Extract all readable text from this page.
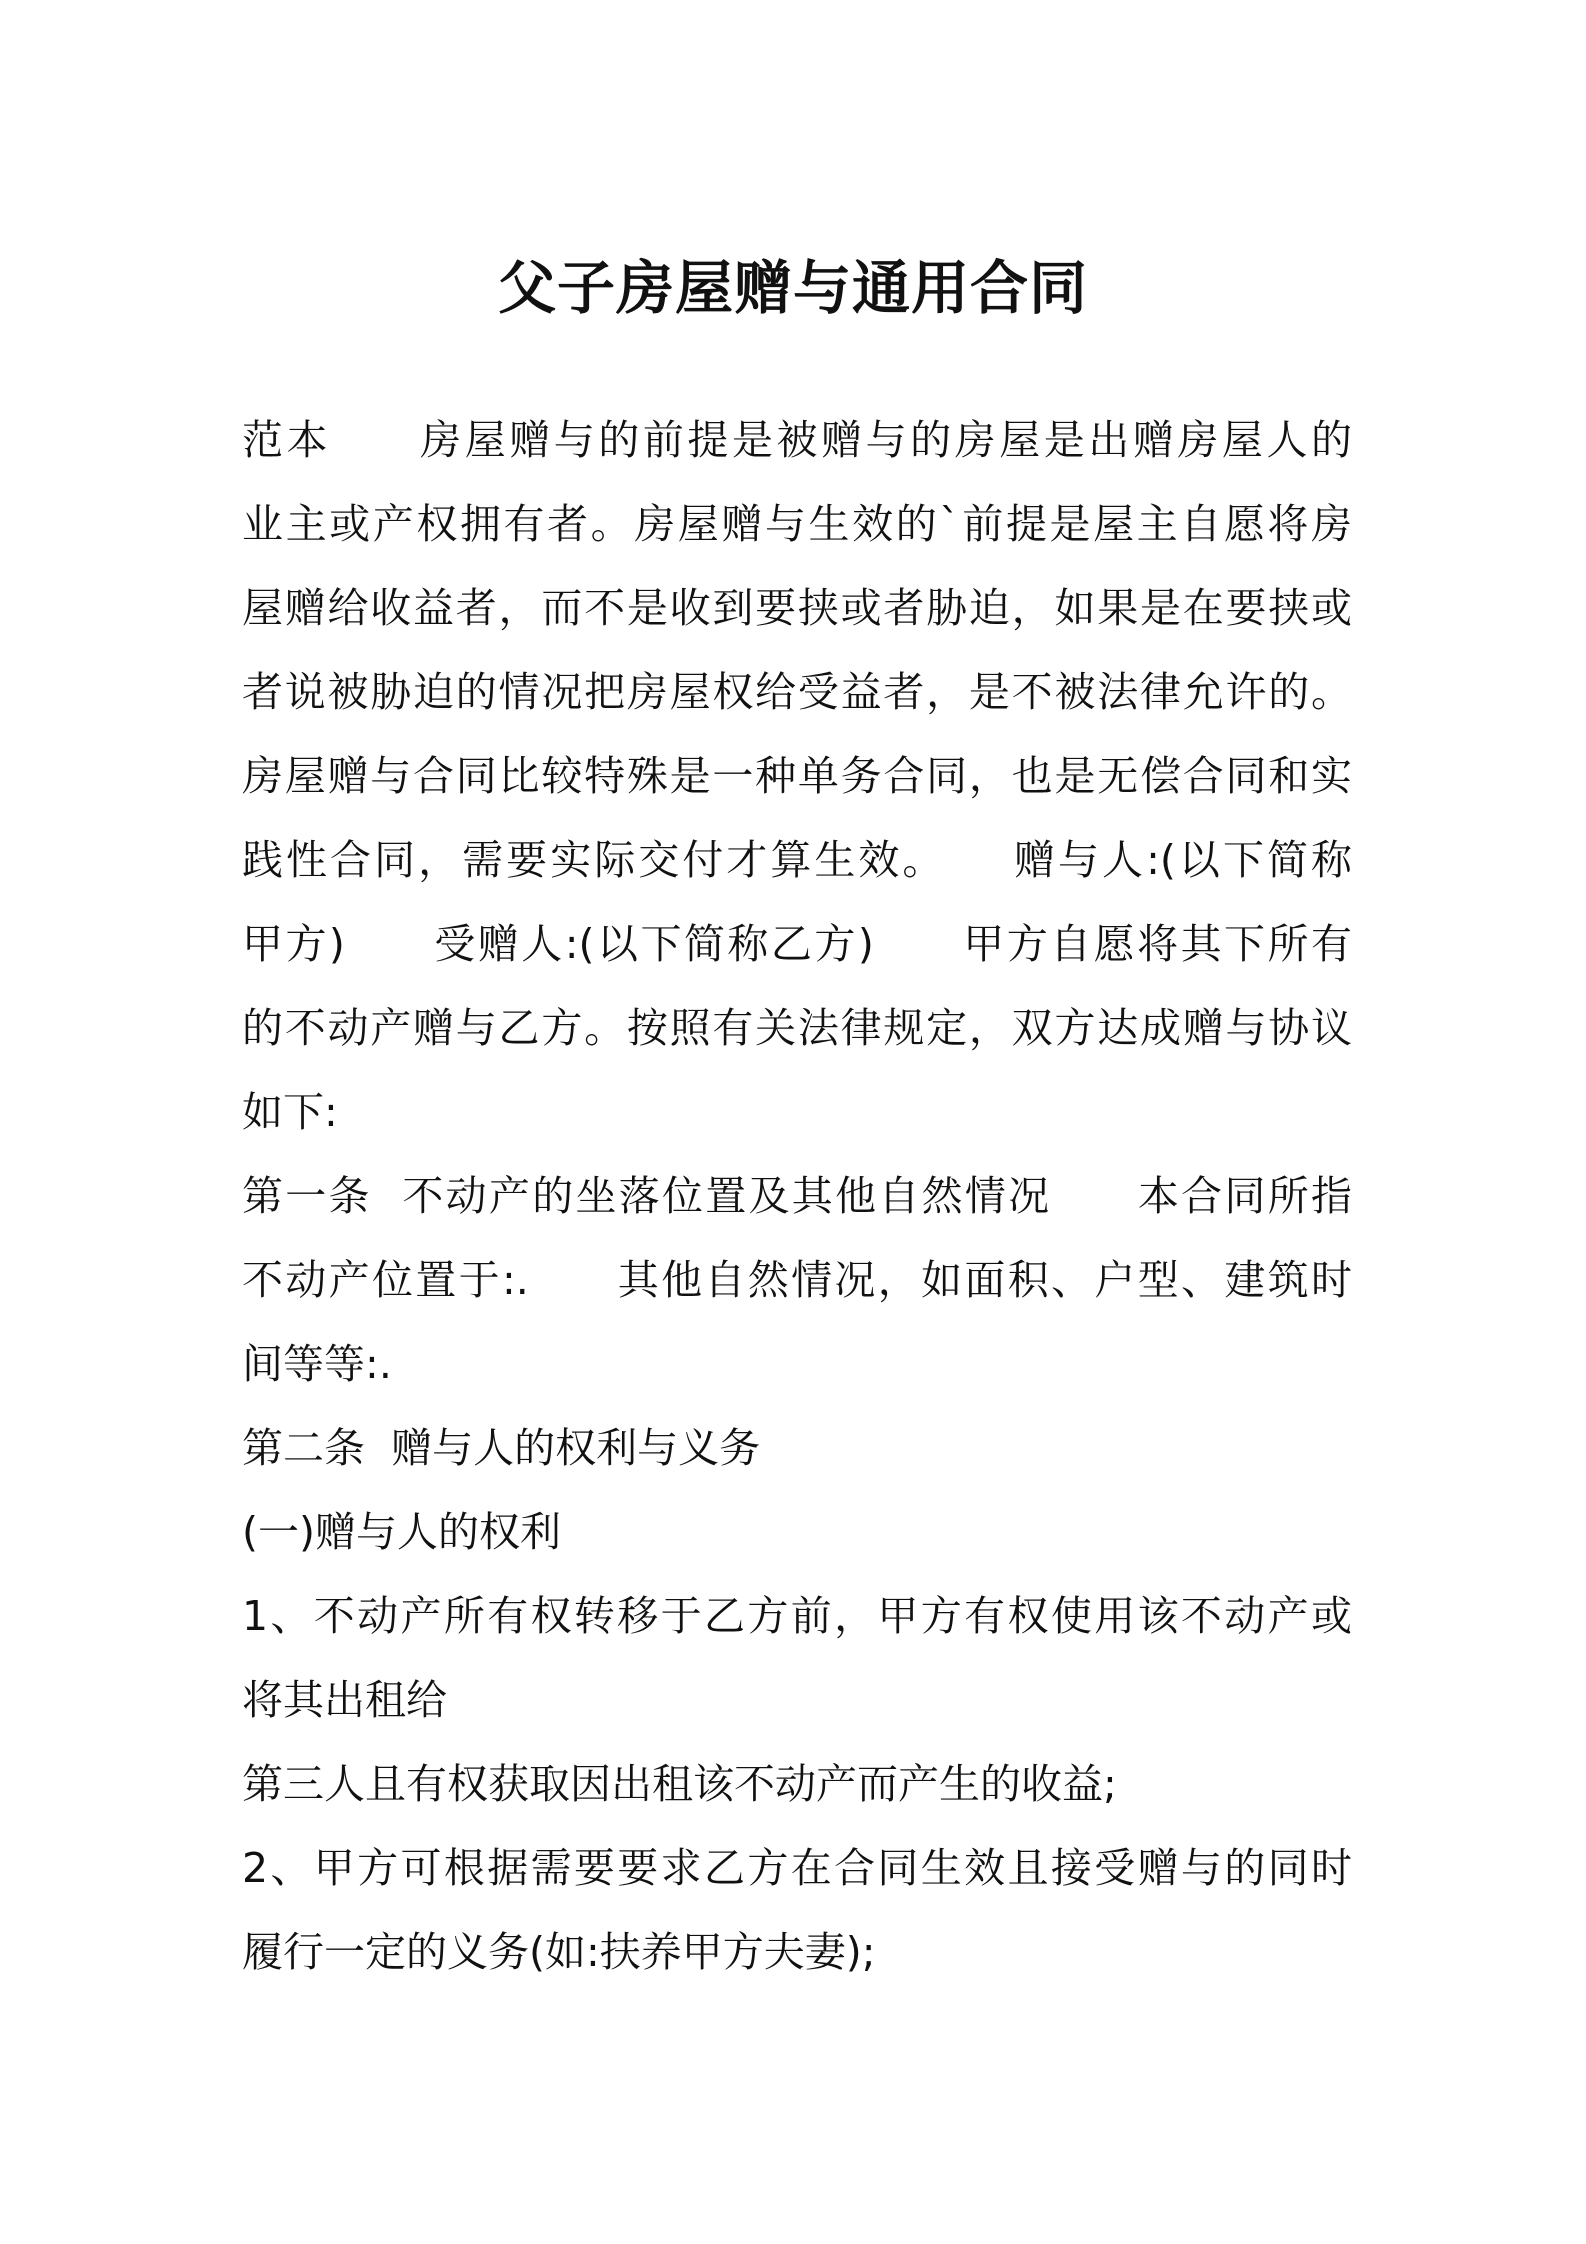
父子房屋赠与通用合同

范本　　房屋赠与的前提是被赠与的房屋是出赠房屋人的

业主或产权拥有者。房屋赠与生效的`前提是屋主自愿将房

屋赠给收益者，而不是收到要挟或者胁迫，如果是在要挟或

者说被胁迫的情况把房屋权给受益者，是不被法律允许的。

房屋赠与合同比较特殊是一种单务合同，也是无偿合同和实

践性合同，需要实际交付才算生效。　　赠与人:(以下简称

甲方)　　受赠人:(以下简称乙方)　　甲方自愿将其下所有

的不动产赠与乙方。按照有关法律规定，双方达成赠与协议

如下:

第一条  不动产的坐落位置及其他自然情况　　本合同所指

不动产位置于:.　　其他自然情况，如面积、户型、建筑时

间等等:.

第二条  赠与人的权利与义务

(一)赠与人的权利

1、不动产所有权转移于乙方前，甲方有权使用该不动产或

将其出租给

第三人且有权获取因出租该不动产而产生的收益;

2、甲方可根据需要要求乙方在合同生效且接受赠与的同时

履行一定的义务(如:扶养甲方夫妻);
